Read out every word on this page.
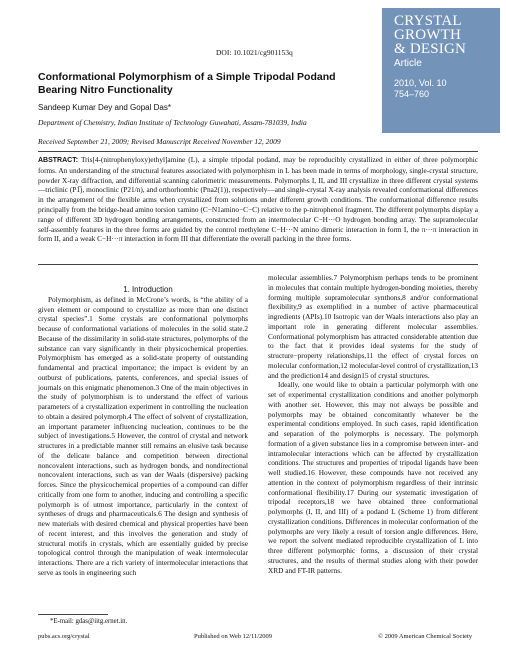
CRYSTAL
GROWTH
& DESIGN
Article
2010, Vol. 10
754–760
DOI: 10.1021/cg901153q
Conformational Polymorphism of a Simple Tripodal Podand Bearing Nitro Functionality
Sandeep Kumar Dey and Gopal Das*
Department of Chemistry, Indian Institute of Technology Guwahati, Assam-781039, India
Received September 21, 2009; Revised Manuscript Received November 12, 2009
ABSTRACT: Tris[4-(nitrophenyloxy)ethyl]amine (L), a simple tripodal podand, may be reproducibly crystallized in either of three polymorphic forms. An understanding of the structural features associated with polymorphism in L has been made in terms of morphology, single-crystal structure, powder X-ray diffraction, and differential scanning calorimetric measurements. Polymorphs I, II, and III crystallize in three different crystal systems—triclinic (P1̅), monoclinic (P21/n), and orthorhombic (Pna2(1)), respectively—and single-crystal X-ray analysis revealed conformational differences in the arrangement of the flexible arms when crystallized from solutions under different growth conditions. The conformational difference results principally from the bridge-head amino torsion τamino (C−N1amino−C−C) relative to the p-nitrophenol fragment. The different polymorphs display a range of different 3D hydrogen bonding arrangements, constructed from an intermolecular C−H···O hydrogen bonding array. The supramolecular self-assembly features in the three forms are guided by the control methylene C−H···N amino dimeric interaction in form I, the π···π interaction in form II, and a weak C−H···π interaction in form III that differentiate the overall packing in the three forms.

1. Introduction

Polymorphism, as defined in McCrone’s words, is “the ability of a given element or compound to crystallize as more than one distinct crystal species”.1 Some crystals are conformational polymorphs because of conformational variations of molecules in the solid state.2 Because of the dissimilarity in solid-state structures, polymorphs of the substance can vary significantly in their physicochemical properties. Polymorphism has emerged as a solid-state property of outstanding fundamental and practical importance; the impact is evident by an outburst of publications, patents, conferences, and special issues of journals on this enigmatic phenomenon.3 One of the main objectives in the study of polymorphism is to understand the effect of various parameters of a crystallization experiment in controlling the nucleation to obtain a desired polymorph.4 The effect of solvent of crystallization, an important parameter influencing nucleation, continues to be the subject of investigations.5 However, the control of crystal and network structures in a predictable manner still remains an elusive task because of the delicate balance and competition between directional noncovalent interactions, such as hydrogen bonds, and nondirectional noncovalent interactions, such as van der Waals (dispersive) packing forces. Since the physicochemical properties of a compound can differ critically from one form to another, inducing and controlling a specific polymorph is of utmost importance, particularly in the context of syntheses of drugs and pharmaceuticals.6 The design and synthesis of new materials with desired chemical and physical properties have been of recent interest, and this involves the generation and study of structural motifs in crystals, which are essentially guided by precise topological control through the manipulation of weak intermolecular interactions. There are a rich variety of intermolecular interactions that serve as tools in engineering such

molecular assemblies.7 Polymorphism perhaps tends to be prominent in molecules that contain multiple hydrogen-bonding moieties, thereby forming multiple supramolecular synthons,8 and/or conformational flexibility,9 as exemplified in a number of active pharmaceutical ingredients (APIs).10 Isotropic van der Waals interactions also play an important role in generating different molecular assemblies. Conformational polymorphism has attracted considerable attention due to the fact that it provides ideal systems for the study of structure−property relationships,11 the effect of crystal forces on molecular conformation,12 molecular-level control of crystallization,13 and the prediction14 and design15 of crystal structures.

Ideally, one would like to obtain a particular polymorph with one set of experimental crystallization conditions and another polymorph with another set. However, this may not always be possible and polymorphs may be obtained concomitantly whatever be the experimental conditions employed. In such cases, rapid identification and separation of the polymorphs is necessary. The polymorph formation of a given substance lies in a compromise between inter- and intramolecular interactions which can be affected by crystallization conditions. The structures and properties of tripodal ligands have been well studied.16 However, these compounds have not received any attention in the context of polymorphism regardless of their intrinsic conformational flexibility.17 During our systematic investigation of tripodal receptors,18 we have obtained three conformational polymorphs (I, II, and III) of a podand L (Scheme 1) from different crystallization conditions. Differences in molecular conformation of the polymorphs are very likely a result of torsion angle differences. Here, we report the solvent mediated reproducible crystallization of L into three different polymorphic forms, a discussion of their crystal structures, and the results of thermal studies along with their powder XRD and FT-IR patterns.

*E-mail: gdas@iitg.ernet.in.
pubs.acs.org/crystal	Published on Web 12/11/2009	© 2009 American Chemical Society
